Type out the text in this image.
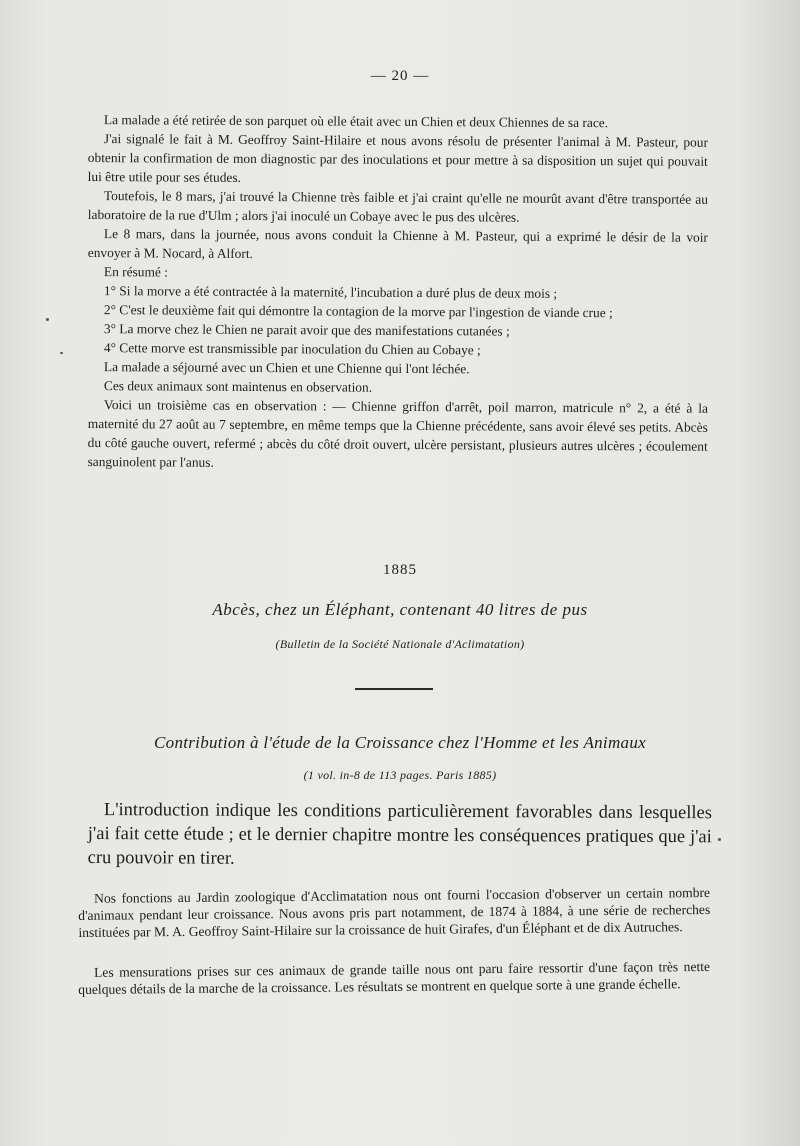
— 20 —

La malade a été retirée de son parquet où elle était avec un Chien et deux Chiennes de sa race.

J'ai signalé le fait à M. Geoffroy Saint-Hilaire et nous avons résolu de présenter l'animal à M. Pasteur, pour obtenir la confirmation de mon diagnostic par des inoculations et pour mettre à sa disposition un sujet qui pouvait lui être utile pour ses études.

Toutefois, le 8 mars, j'ai trouvé la Chienne très faible et j'ai craint qu'elle ne mourût avant d'être transportée au laboratoire de la rue d'Ulm ; alors j'ai inoculé un Cobaye avec le pus des ulcères.

Le 8 mars, dans la journée, nous avons conduit la Chienne à M. Pasteur, qui a exprimé le désir de la voir envoyer à M. Nocard, à Alfort.

En résumé :

1° Si la morve a été contractée à la maternité, l'incubation a duré plus de deux mois ;

2° C'est le deuxième fait qui démontre la contagion de la morve par l'ingestion de viande crue ;

3° La morve chez le Chien ne parait avoir que des manifestations cutanées ;

4° Cette morve est transmissible par inoculation du Chien au Cobaye ;

La malade a séjourné avec un Chien et une Chienne qui l'ont léchée.

Ces deux animaux sont maintenus en observation.

Voici un troisième cas en observation : — Chienne griffon d'arrêt, poil marron, matricule n° 2, a été à la maternité du 27 août au 7 septembre, en même temps que la Chienne précédente, sans avoir élevé ses petits. Abcès du côté gauche ouvert, refermé ; abcès du côté droit ouvert, ulcère persistant, plusieurs autres ulcères ; écoulement sanguinolent par l'anus.

1885
Abcès, chez un Éléphant, contenant 40 litres de pus
(Bulletin de la Société Nationale d'Aclimatation)
Contribution à l'étude de la Croissance chez l'Homme et les Animaux
(1 vol. in-8 de 113 pages. Paris 1885)

L'introduction indique les conditions particulièrement favorables dans lesquelles j'ai fait cette étude ; et le dernier chapitre montre les conséquences pratiques que j'ai cru pouvoir en tirer.

Nos fonctions au Jardin zoologique d'Acclimatation nous ont fourni l'occasion d'observer un certain nombre d'animaux pendant leur croissance. Nous avons pris part notamment, de 1874 à 1884, à une série de recherches instituées par M. A. Geoffroy Saint-Hilaire sur la croissance de huit Girafes, d'un Éléphant et de dix Autruches.

Les mensurations prises sur ces animaux de grande taille nous ont paru faire ressortir d'une façon très nette quelques détails de la marche de la croissance. Les résultats se montrent en quelque sorte à une grande échelle.
